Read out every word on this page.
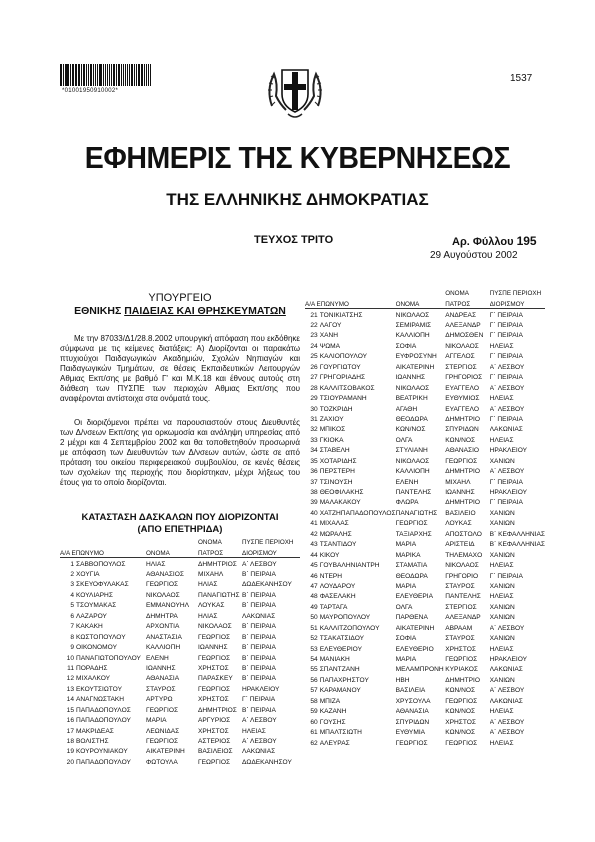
*01001950910002*
1537
ΕΦΗΜΕΡΙΣ ΤΗΣ ΚΥΒΕΡΝΗΣΕΩΣ
ΤΗΣ ΕΛΛΗΝΙΚΗΣ ΔΗΜΟΚΡΑΤΙΑΣ
ΤΕΥΧΟΣ ΤΡΙΤΟ	Αρ. Φύλλου 195
29 Αυγούστου 2002
ΥΠΟΥΡΓΕΙΟ
ΕΘΝΙΚΗΣ ΠΑΙΔΕΙΑΣ ΚΑΙ ΘΡΗΣΚΕΥΜΑΤΩΝ
Με την 87033/Δ1/28.8.2002 υπουργική απόφαση που εκδόθηκε σύμφωνα με τις κείμενες διατάξεις: Α) Διορίζονται οι παρακάτω πτυχιούχοι Παιδαγωγικών Ακαδημιών, Σχολών Νηπιαγών και Παιδαγωγικών Τμημάτων, σε θέσεις Εκπαιδευτικών Λειτουργών Αθμιας Εκπ/σης με βαθμό Γ' και Μ.Κ.18 και έθνους αυτούς στη διάθεση των ΠΥΣΠΕ των περιοχών Αθμιας Εκπ/σης που αναφέρονται αντίστοιχα στα ονόματά τους.
Οι διοριζόμενοι πρέπει να παρουσιαστούν στους Διευθυντές των Δ/νσεων Εκπ/σης για ορκωμοσία και ανάληψη υπηρεσίας από 2 μέχρι και 4 Σεπτεμβρίου 2002 και θα τοποθετηθούν προσωρινά με απόφαση των Διευθυντών των Δ/νσεων αυτών, ώστε σε από πρόταση του οικείου περιφερειακού συμβουλίου, σε κενές θέσεις των σχολείων της περιοχής που διορίστηκαν, μέχρι λήξεως του έτους για το οποίο διορίζονται.
ΚΑΤΑΣΤΑΣΗ ΔΑΣΚΑΛΩΝ ΠΟΥ ΔΙΟΡΙΖΟΝΤΑΙ
(ΑΠΟ ΕΠΕΤΗΡΙΔΑ)
			ΟΝΟΜΑ	ΠΥΣΠΕ ΠΕΡΙΟΧΗ
Α/Α ΕΠΩΝΥΜΟ		ΟΝΟΜΑ	ΠΑΤΡΟΣ	ΔΙΟΡΙΣΜΟΥ
1	ΣΑΒΒΟΠΟΥΛΟΣ	ΗΛΙΑΣ	ΔΗΜΗΤΡΙΟΣ	Α΄ ΛΕΣΒΟΥ
2	ΧΟΥΓΙΑ	ΑΘΑΝΑΣΙΟΣ	ΜΙΧΑΗΛ	Β΄ ΠΕΙΡΑΙΑ
3	ΣΚΕΥΟΦΥΛΑΚΑΣ	ΓΕΩΡΓΙΟΣ	ΗΛΙΑΣ	ΔΩΔΕΚΑΝΗΣΟΥ
4	ΚΟΥΛΙΑΡΗΣ	ΝΙΚΟΛΑΟΣ	ΠΑΝΑΓΙΩΤΗΣ	Β΄ ΠΕΙΡΑΙΑ
5	ΤΣΟΥΜΑΚΑΣ	ΕΜΜΑΝΟΥΗΛ	ΛΟΥΚΑΣ	Β΄ ΠΕΙΡΑΙΑ
6	ΛΑΖΑΡΟΥ	ΔΗΜΗΤΡΑ	ΗΛΙΑΣ	ΛΑΚΩΝΙΑΣ
7	ΚΑΚΑΚΗ	ΑΡΧΟΝΤΙΑ	ΝΙΚΟΛΑΟΣ	Β΄ ΠΕΙΡΑΙΑ
8	ΚΩΣΤΟΠΟΥΛΟΥ	ΑΝΑΣΤΑΣΙΑ	ΓΕΩΡΓΙΟΣ	Β΄ ΠΕΙΡΑΙΑ
9	ΟΙΚΟΝΟΜΟΥ	ΚΑΛΛΙΟΠΗ	ΙΩΑΝΝΗΣ	Β΄ ΠΕΙΡΑΙΑ
10	ΠΑΝΑΓΙΩΤΟΠΟΥΛΟΥ	ΕΛΕΝΗ	ΓΕΩΡΓΙΟΣ	Β΄ ΠΕΙΡΑΙΑ
11	ΠΟΡΑΔΗΣ	ΙΩΑΝΝΗΣ	ΧΡΗΣΤΟΣ	Β΄ ΠΕΙΡΑΙΑ
12	ΜΙΧΑΛΚΟΥ	ΑΘΑΝΑΣΙΑ	ΠΑΡΑΣΚΕΥ	Β΄ ΠΕΙΡΑΙΑ
13	ΕΚΟΥΤΣΙΩΤΟΥ	ΣΤΑΥΡΟΣ	ΓΕΩΡΓΙΟΣ	ΗΡΑΚΛΕΙΟΥ
14	ΑΝΑΓΝΩΣΤΑΚΗ	ΑΡΤΥΡΩ	ΧΡΗΣΤΟΣ	Γ΄ ΠΕΙΡΑΙΑ
15	ΠΑΠΑΔΟΠΟΥΛΟΣ	ΓΕΩΡΓΙΟΣ	ΔΗΜΗΤΡΙΟΣ	Β΄ ΠΕΙΡΑΙΑ
16	ΠΑΠΑΔΟΠΟΥΛΟΥ	ΜΑΡΙΑ	ΑΡΓΥΡΙΟΣ	Α΄ ΛΕΣΒΟΥ
17	ΜΑΚΡΙΔΕΑΣ	ΛΕΩΝΙΔΑΣ	ΧΡΗΣΤΟΣ	ΗΛΕΙΑΣ
18	ΒΟΛΙΣΤΗΣ	ΓΕΩΡΓΙΟΣ	ΑΣΤΕΡΙΟΣ	Α΄ ΛΕΣΒΟΥ
19	ΚΟΥΡΟΥΝΙΑΚΟΥ	ΑΙΚΑΤΕΡΙΝΗ	ΒΑΣΙΛΕΙΟΣ	ΛΑΚΩΝΙΑΣ
20	ΠΑΠΑΔΟΠΟΥΛΟΥ	ΦΩΤΟΥΛΑ	ΓΕΩΡΓΙΟΣ	ΔΩΔΕΚΑΝΗΣΟΥ
			ΟΝΟΜΑ	ΠΥΣΠΕ ΠΕΡΙΟΧΗ
Α/Α ΕΠΩΝΥΜΟ		ΟΝΟΜΑ	ΠΑΤΡΟΣ	ΔΙΟΡΙΣΜΟΥ
21	ΤΟΝΙΚΙΑΤΣΗΣ	ΝΙΚΟΛΑΟΣ	ΑΝΔΡΕΑΣ	Γ΄ ΠΕΙΡΑΙΑ
22	ΛΑΓΟΥ	ΣΕΜΙΡΑΜΙΣ	ΑΛΕΞΑΝΔΡ	Γ΄ ΠΕΙΡΑΙΑ
23	ΧΑΝΗ	ΚΑΛΛΙΟΠΗ	ΔΗΜΟΣΘΕΝ	Γ΄ ΠΕΙΡΑΙΑ
24	ΨΩΜΑ	ΣΟΦΙΑ	ΝΙΚΟΛΑΟΣ	ΗΛΕΙΑΣ
25	ΚΑΛΙΟΠΟΥΛΟΥ	ΕΥΦΡΟΣΥΝΗ	ΑΓΓΕΛΟΣ	Γ΄ ΠΕΙΡΑΙΑ
26	ΓΟΥΡΓΙΩΤΟΥ	ΑΙΚΑΤΕΡΙΝΗ	ΣΤΕΡΓΙΟΣ	Α΄ ΛΕΣΒΟΥ
27	ΓΡΗΓΟΡΙΑΔΗΣ	ΙΩΑΝΝΗΣ	ΓΡΗΓΟΡΙΟΣ	Γ΄ ΠΕΙΡΑΙΑ
28	ΚΑΛΛΙΤΣΟΒΑΚΟΣ	ΝΙΚΟΛΑΟΣ	ΕΥΑΓΓΕΛΟ	Α΄ ΛΕΣΒΟΥ
29	ΤΣΙΟΥΡΑΜΑΝΗ	ΒΕΑΤΡΙΚΗ	ΕΥΘΥΜΙΟΣ	ΗΛΕΙΑΣ
30	ΤΟΖΚΡΙΔΗ	ΑΓΑΘΗ	ΕΥΑΓΓΕΛΟ	Α΄ ΛΕΣΒΟΥ
31	ΖΑΧΙΟΥ	ΘΕΟΔΩΡΑ	ΔΗΜΗΤΡΙΟ	Γ΄ ΠΕΙΡΑΙΑ
32	ΜΠΙΚΟΣ	ΚΩΝ/ΝΟΣ	ΣΠΥΡΙΔΩΝ	ΛΑΚΩΝΙΑΣ
33	ΓΚΙΟΚΑ	ΟΛΓΑ	ΚΩΝ/ΝΟΣ	ΗΛΕΙΑΣ
34	ΣΤΑΒΕΛΗ	ΣΤΥΛΙΑΝΗ	ΑΘΑΝΑΣΙΟ	ΗΡΑΚΛΕΙΟΥ
35	ΧΟΤΑΡΙΔΗΣ	ΝΙΚΟΛΑΟΣ	ΓΕΩΡΓΙΟΣ	ΧΑΝΙΩΝ
36	ΠΕΡΣΤΕΡΗ	ΚΑΛΛΙΟΠΗ	ΔΗΜΗΤΡΙΟ	Α΄ ΛΕΣΒΟΥ
37	ΤΣΙΝΟΥΣΗ	ΕΛΕΝΗ	ΜΙΧΑΗΛ	Γ΄ ΠΕΙΡΑΙΑ
38	ΘΕΟΦΙΛΑΚΗΣ	ΠΑΝΤΕΛΗΣ	ΙΩΑΝΝΗΣ	ΗΡΑΚΛΕΙΟΥ
39	ΜΑΛΑΚΑΚΟΥ	ΦΛΩΡΑ	ΔΗΜΗΤΡΙΟ	Γ΄ ΠΕΙΡΑΙΑ
40	ΧΑΤΖΗΠΑΠΑΔΟΠΟΥΛΟΣ	ΠΑΝΑΓΙΩΤΗΣ	ΒΑΣΙΛΕΙΟ	ΧΑΝΙΩΝ
41	ΜΙΧΑΛΑΣ	ΓΕΩΡΓΙΟΣ	ΛΟΥΚΑΣ	ΧΑΝΙΩΝ
42	ΜΩΡΑΛΗΣ	ΤΑΞΙΑΡΧΗΣ	ΑΠΟΣΤΟΛΟ	Β΄ ΚΕΦΑΛΛΗΝΙΑΣ
43	ΤΣΑΝΤΙΔΟΥ	ΜΑΡΙΑ	ΑΡΙΣΤΕΙΔ	Β΄ ΚΕΦΑΛΛΗΝΙΑΣ
44	ΚΙΚΟΥ	ΜΑΡΙΚΑ	ΤΗΛΕΜΑΧΟ	ΧΑΝΙΩΝ
45	ΓΟΥΒΑΛΗΝΙΑΝΤΡΗ	ΣΤΑΜΑΤΙΑ	ΝΙΚΟΛΑΟΣ	ΗΛΕΙΑΣ
46	ΝΤΕΡΗ	ΘΕΟΔΩΡΑ	ΓΡΗΓΟΡΙΟ	Γ΄ ΠΕΙΡΑΙΑ
47	ΛΟΥΔΑΡΟΥ	ΜΑΡΙΑ	ΣΤΑΥΡΟΣ	ΧΑΝΙΩΝ
48	ΦΑΣΕΛΑΚΗ	ΕΛΕΥΘΕΡΙΑ	ΠΑΝΤΕΛΗΣ	ΗΛΕΙΑΣ
49	ΤΑΡΤΑΓΑ	ΟΛΓΑ	ΣΤΕΡΓΙΟΣ	ΧΑΝΙΩΝ
50	ΜΑΥΡΟΠΟΥΛΟΥ	ΠΑΡΘΕΝΑ	ΑΛΕΞΑΝΔΡ	ΧΑΝΙΩΝ
51	ΚΑΛΛΙΤΖΟΠΟΥΛΟΥ	ΑΙΚΑΤΕΡΙΝΗ	ΑΒΡΑΑΜ	Α΄ ΛΕΣΒΟΥ
52	ΤΣΑΚΑΤΣΙΔΟΥ	ΣΟΦΙΑ	ΣΤΑΥΡΟΣ	ΧΑΝΙΩΝ
53	ΕΛΕΥΘΕΡΙΟΥ	ΕΛΕΥΘΕΡΙΟ	ΧΡΗΣΤΟΣ	ΗΛΕΙΑΣ
54	ΜΑΝΙΑΚΗ	ΜΑΡΙΑ	ΓΕΩΡΓΙΟΣ	ΗΡΑΚΛΕΙΟΥ
55	ΣΠΑΝΤΖΑΝΗ	ΜΕΛΑΜΠΡΟΝΗ	ΚΥΡΙΑΚΟΣ	ΛΑΚΩΝΙΑΣ
56	ΠΑΠΑΧΡΗΣΤΟΥ	ΗΒΗ	ΔΗΜΗΤΡΙΟ	ΧΑΝΙΩΝ
57	ΚΑΡΑΜΑΝΟΥ	ΒΑΣΙΛΕΙΑ	ΚΩΝ/ΝΟΣ	Α΄ ΛΕΣΒΟΥ
58	ΜΠΙΖΑ	ΧΡΥΣΟΥΛΑ	ΓΕΩΡΓΙΟΣ	ΛΑΚΩΝΙΑΣ
59	ΚΑΖΑΝΗ	ΑΘΑΝΑΣΙΑ	ΚΩΝ/ΝΟΣ	ΗΛΕΙΑΣ
60	ΓΟΥΣΗΣ	ΣΠΥΡΙΔΩΝ	ΧΡΗΣΤΟΣ	Α΄ ΛΕΣΒΟΥ
61	ΜΠΑΛΤΣΙΩΤΗ	ΕΥΘΥΜΙΑ	ΚΩΝ/ΝΟΣ	Α΄ ΛΕΣΒΟΥ
62	ΑΛΕΥΡΑΣ	ΓΕΩΡΓΙΟΣ	ΓΕΩΡΓΙΟΣ	ΗΛΕΙΑΣ
